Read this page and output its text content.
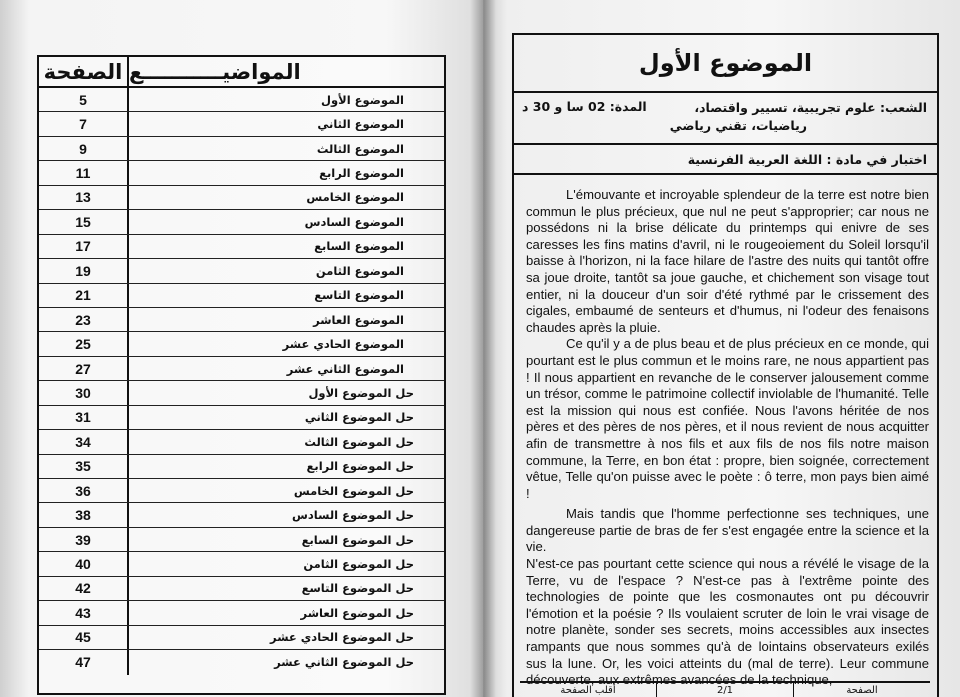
الصفحة المواضيـــــــــــع
5	الموضوع الأول
7	الموضوع الثاني
9	الموضوع الثالث
11	الموضوع الرابع
13	الموضوع الخامس
15	الموضوع السادس
17	الموضوع السابع
19	الموضوع الثامن
21	الموضوع التاسع
23	الموضوع العاشر
25	الموضوع الحادي عشر
27	الموضوع الثاني عشر
30	حل الموضوع الأول
31	حل الموضوع الثاني
34	حل الموضوع الثالث
35	حل الموضوع الرابع
36	حل الموضوع الخامس
38	حل الموضوع السادس
39	حل الموضوع السابع
40	حل الموضوع الثامن
42	حل الموضوع التاسع
43	حل الموضوع العاشر
45	حل الموضوع الحادي عشر
47	حل الموضوع الثاني عشر
الموضوع الأول
الشعب: علوم تجريبية، تسيير واقتصاد،
رياضيات، تقني رياضي
المدة: 02 سا و 30 د
اختبار في مادة : اللغة العربية الفرنسية

L'émouvante et incroyable splendeur de la terre est notre bien commun le plus précieux, que nul ne peut s'approprier; car nous ne possédons ni la brise délicate du printemps qui enivre de ses caresses les fins matins d'avril, ni le rougeoiement du Soleil lorsqu'il baisse à l'horizon, ni la face hilare de l'astre des nuits qui tantôt offre sa joue droite, tantôt sa joue gauche, et chichement son visage tout entier, ni la douceur d'un soir d'été rythmé par le crissement des cigales, embaumé de senteurs et d'humus, ni l'odeur des fenaisons chaudes après la pluie.

Ce qu'il y a de plus beau et de plus précieux en ce monde, qui pourtant est le plus commun et le moins rare, ne nous appartient pas ! Il nous appartient en revanche de le conserver jalousement comme un trésor, comme le patrimoine collectif inviolable de l'humanité. Telle est la mission qui nous est confiée. Nous l'avons héritée de nos pères et des pères de nos pères, et il nous revient de nous acquitter afin de transmettre à nos fils et aux fils de nos fils notre maison commune, la Terre, en bon état : propre, bien soignée, correctement vêtue, Telle qu'on puisse avec le poète : ô terre, mon pays bien aimé !

Mais tandis que l'homme perfectionne ses techniques, une dangereuse partie de bras de fer s'est engagée entre la science et la vie.

N'est-ce pas pourtant cette science qui nous a révélé le visage de la Terre, vu de l'espace ? N'est-ce pas à l'extrême pointe des technologies de pointe que les cosmonautes ont pu découvrir l'émotion et la poésie ? Ils voulaient scruter de loin le vrai visage de notre planète, sonder ses secrets, moins accessibles aux insectes rampants que nous sommes qu'à de lointains observateurs exilés sus la lune. Or, les voici atteints du (mal de terre). Leur commune découverte, aux extrêmes avancées de la technique,

الصفحة
2/1
أقلب الصفحة
